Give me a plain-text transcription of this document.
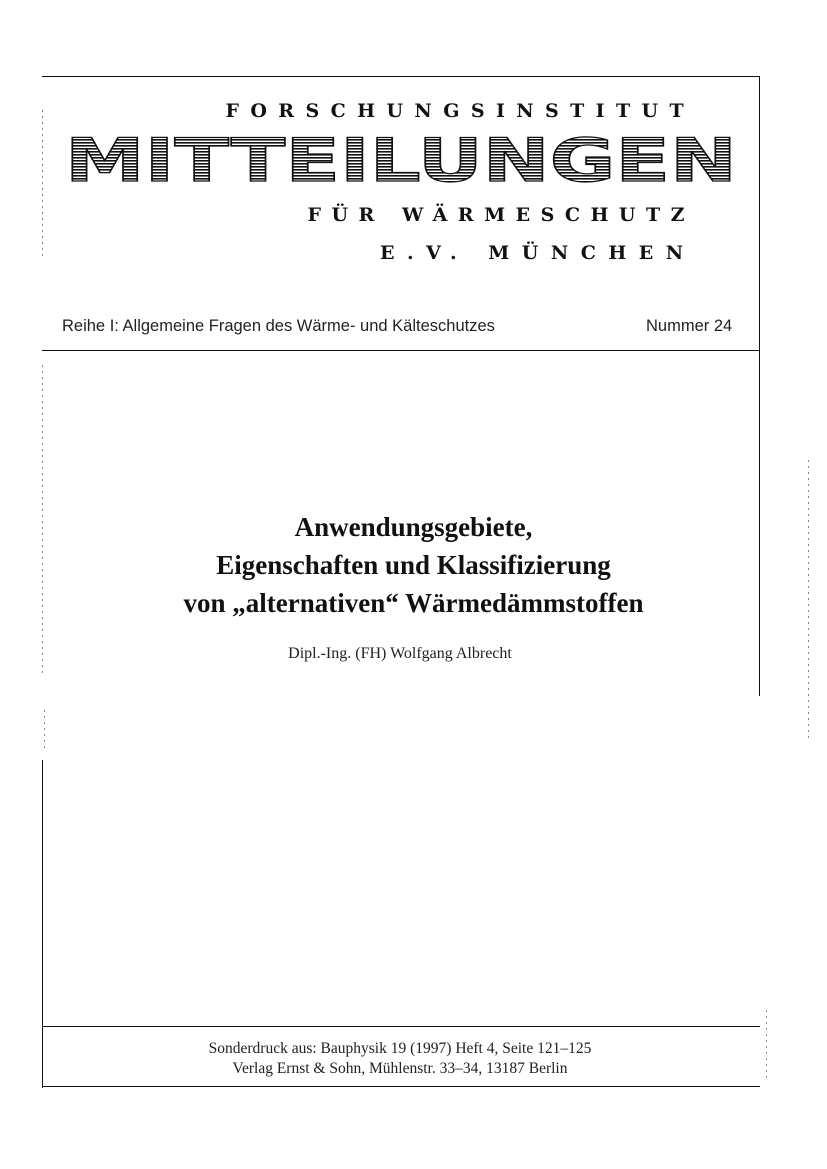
FORSCHUNGSINSTITUT
MITTEILUNGEN
FÜR WÄRMESCHUTZ
E.V. MÜNCHEN
Reihe I: Allgemeine Fragen des Wärme- und Kälteschutzes	Nummer 24
Anwendungsgebiete,
Eigenschaften und Klassifizierung
von „alternativen“ Wärmedämmstoffen
Dipl.-Ing. (FH) Wolfgang Albrecht
Sonderdruck aus: Bauphysik 19 (1997) Heft 4, Seite 121–125
Verlag Ernst & Sohn, Mühlenstr. 33–34, 13187 Berlin
